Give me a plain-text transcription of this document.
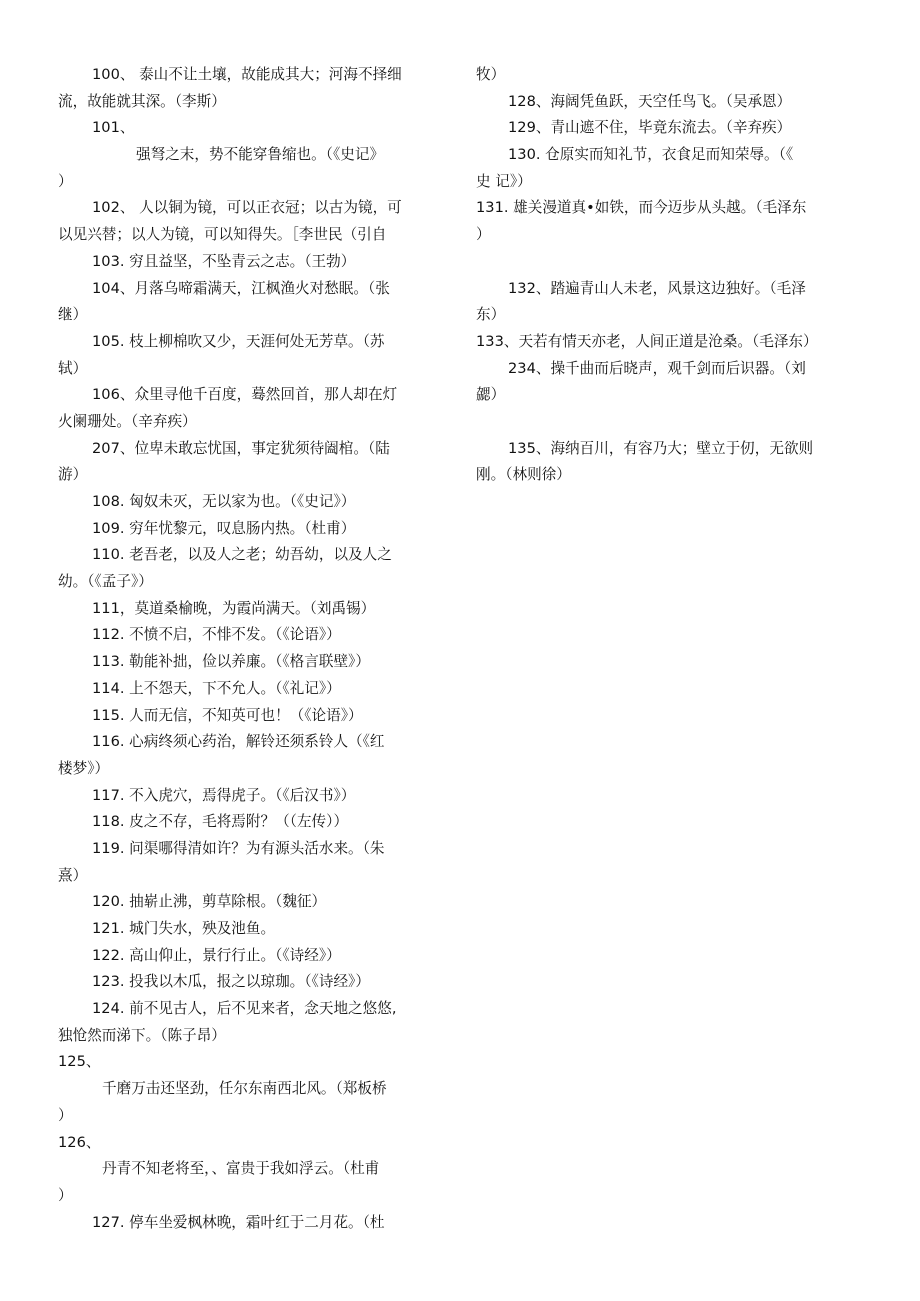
100、 泰山不让土壤，故能成其大；河海不择细
流，故能就其深。（李斯）
101、
强弩之末，势不能穿鲁缩也。（《史记》
）
102、 人以铜为镜，可以正衣冠；以古为镜，可
以见兴替；以人为镜，可以知得失。［李世民（引自
103. 穷且益坚，不坠青云之志。（王勃）
104、月落乌啼霜满天，江枫渔火对愁眠。（张
继）
105. 枝上柳棉吹又少，天涯何处无芳草。（苏
轼）
106、众里寻他千百度，蓦然回首，那人却在灯
火阑珊处。（辛弃疾）
207、位卑未敢忘忧国，事定犹须待阖棺。（陆
游）
108. 匈奴未灭，无以家为也。（《史记》）
109. 穷年忧黎元，叹息肠内热。（杜甫）
110. 老吾老，以及人之老；幼吾幼，以及人之
幼。（《孟子》）
111，莫道桑榆晚，为霞尚满天。（刘禹锡）
112. 不愤不启，不悱不发。（《论语》）
113. 勒能补拙，俭以养廉。（《格言联壁》）
114. 上不怨天，下不允人。（《礼记》）
115. 人而无信，不知英可也！（《论语》）
116. 心病终须心药治，解铃还须系铃人（《红
楼梦》）
117. 不入虎穴，焉得虎子。（《后汉书》）
118. 皮之不存，毛将焉附？（（左传））
119. 问渠哪得清如许？为有源头活水来。（朱
熹）
120. 抽崭止沸，剪草除根。（魏征）
121. 城门失水，殃及池鱼。
122. 高山仰止，景行行止。（《诗经》）
123. 投我以木瓜，报之以琼珈。（《诗经》）
124. 前不见古人，后不见来者，念天地之悠悠,
独怆然而涕下。（陈子昂）
125、
千磨万击还坚劲，任尔东南西北风。（郑板桥
）
126、
丹青不知老将至，、富贵于我如浮云。（杜甫
）
127. 停车坐爱枫林晚，霜叶红于二月花。（杜
牧）
128、海阔凭鱼跃，天空任鸟飞。（吴承恩）
129、青山遮不住，毕竟东流去。（辛弃疾）
130. 仓原实而知礼节，衣食足而知荣辱。（《
史 记》）
131. 雄关漫道真•如铁，而今迈步从头越。（毛泽东
）
132、踏遍青山人未老，风景这边独好。（毛泽
东）
133、天若有情天亦老，人间正道是沧桑。（毛泽东）
234、操千曲而后晓声，观千剑而后识器。（刘
勰）
135、海纳百川，有容乃大；壁立于仞，无欲则
刚。（林则徐）
